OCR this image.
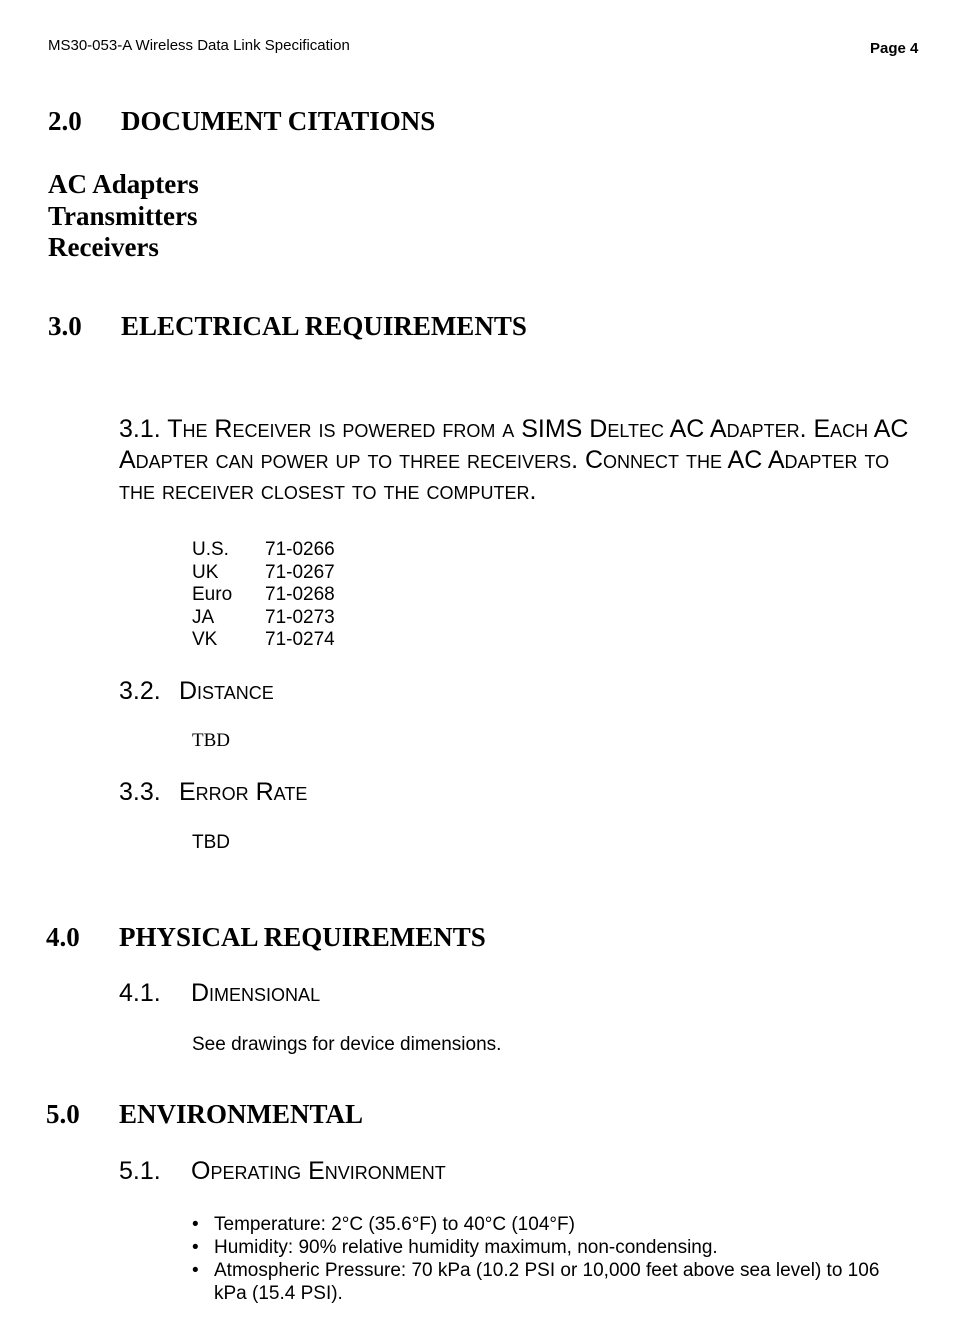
MS30-053-A Wireless Data Link Specification	Page 4
2.0 DOCUMENT CITATIONS
AC Adapters
Transmitters
Receivers
3.0 ELECTRICAL REQUIREMENTS
3.1. The Receiver is powered from a SIMS Deltec AC Adapter. Each AC Adapter can power up to three receivers. Connect the AC Adapter to the receiver closest to the computer.
U.S.	71-0266
UK	71-0267
Euro	71-0268
JA	71-0273
VK	71-0274
3.2. Distance
TBD
3.3. Error Rate
TBD
4.0 PHYSICAL REQUIREMENTS
4.1. Dimensional
See drawings for device dimensions.
5.0 ENVIRONMENTAL
5.1. Operating Environment
• Temperature: 2°C (35.6°F) to 40°C (104°F)
• Humidity: 90% relative humidity maximum, non-condensing.
• Atmospheric Pressure: 70 kPa (10.2 PSI or 10,000 feet above sea level) to 106 kPa (15.4 PSI).
